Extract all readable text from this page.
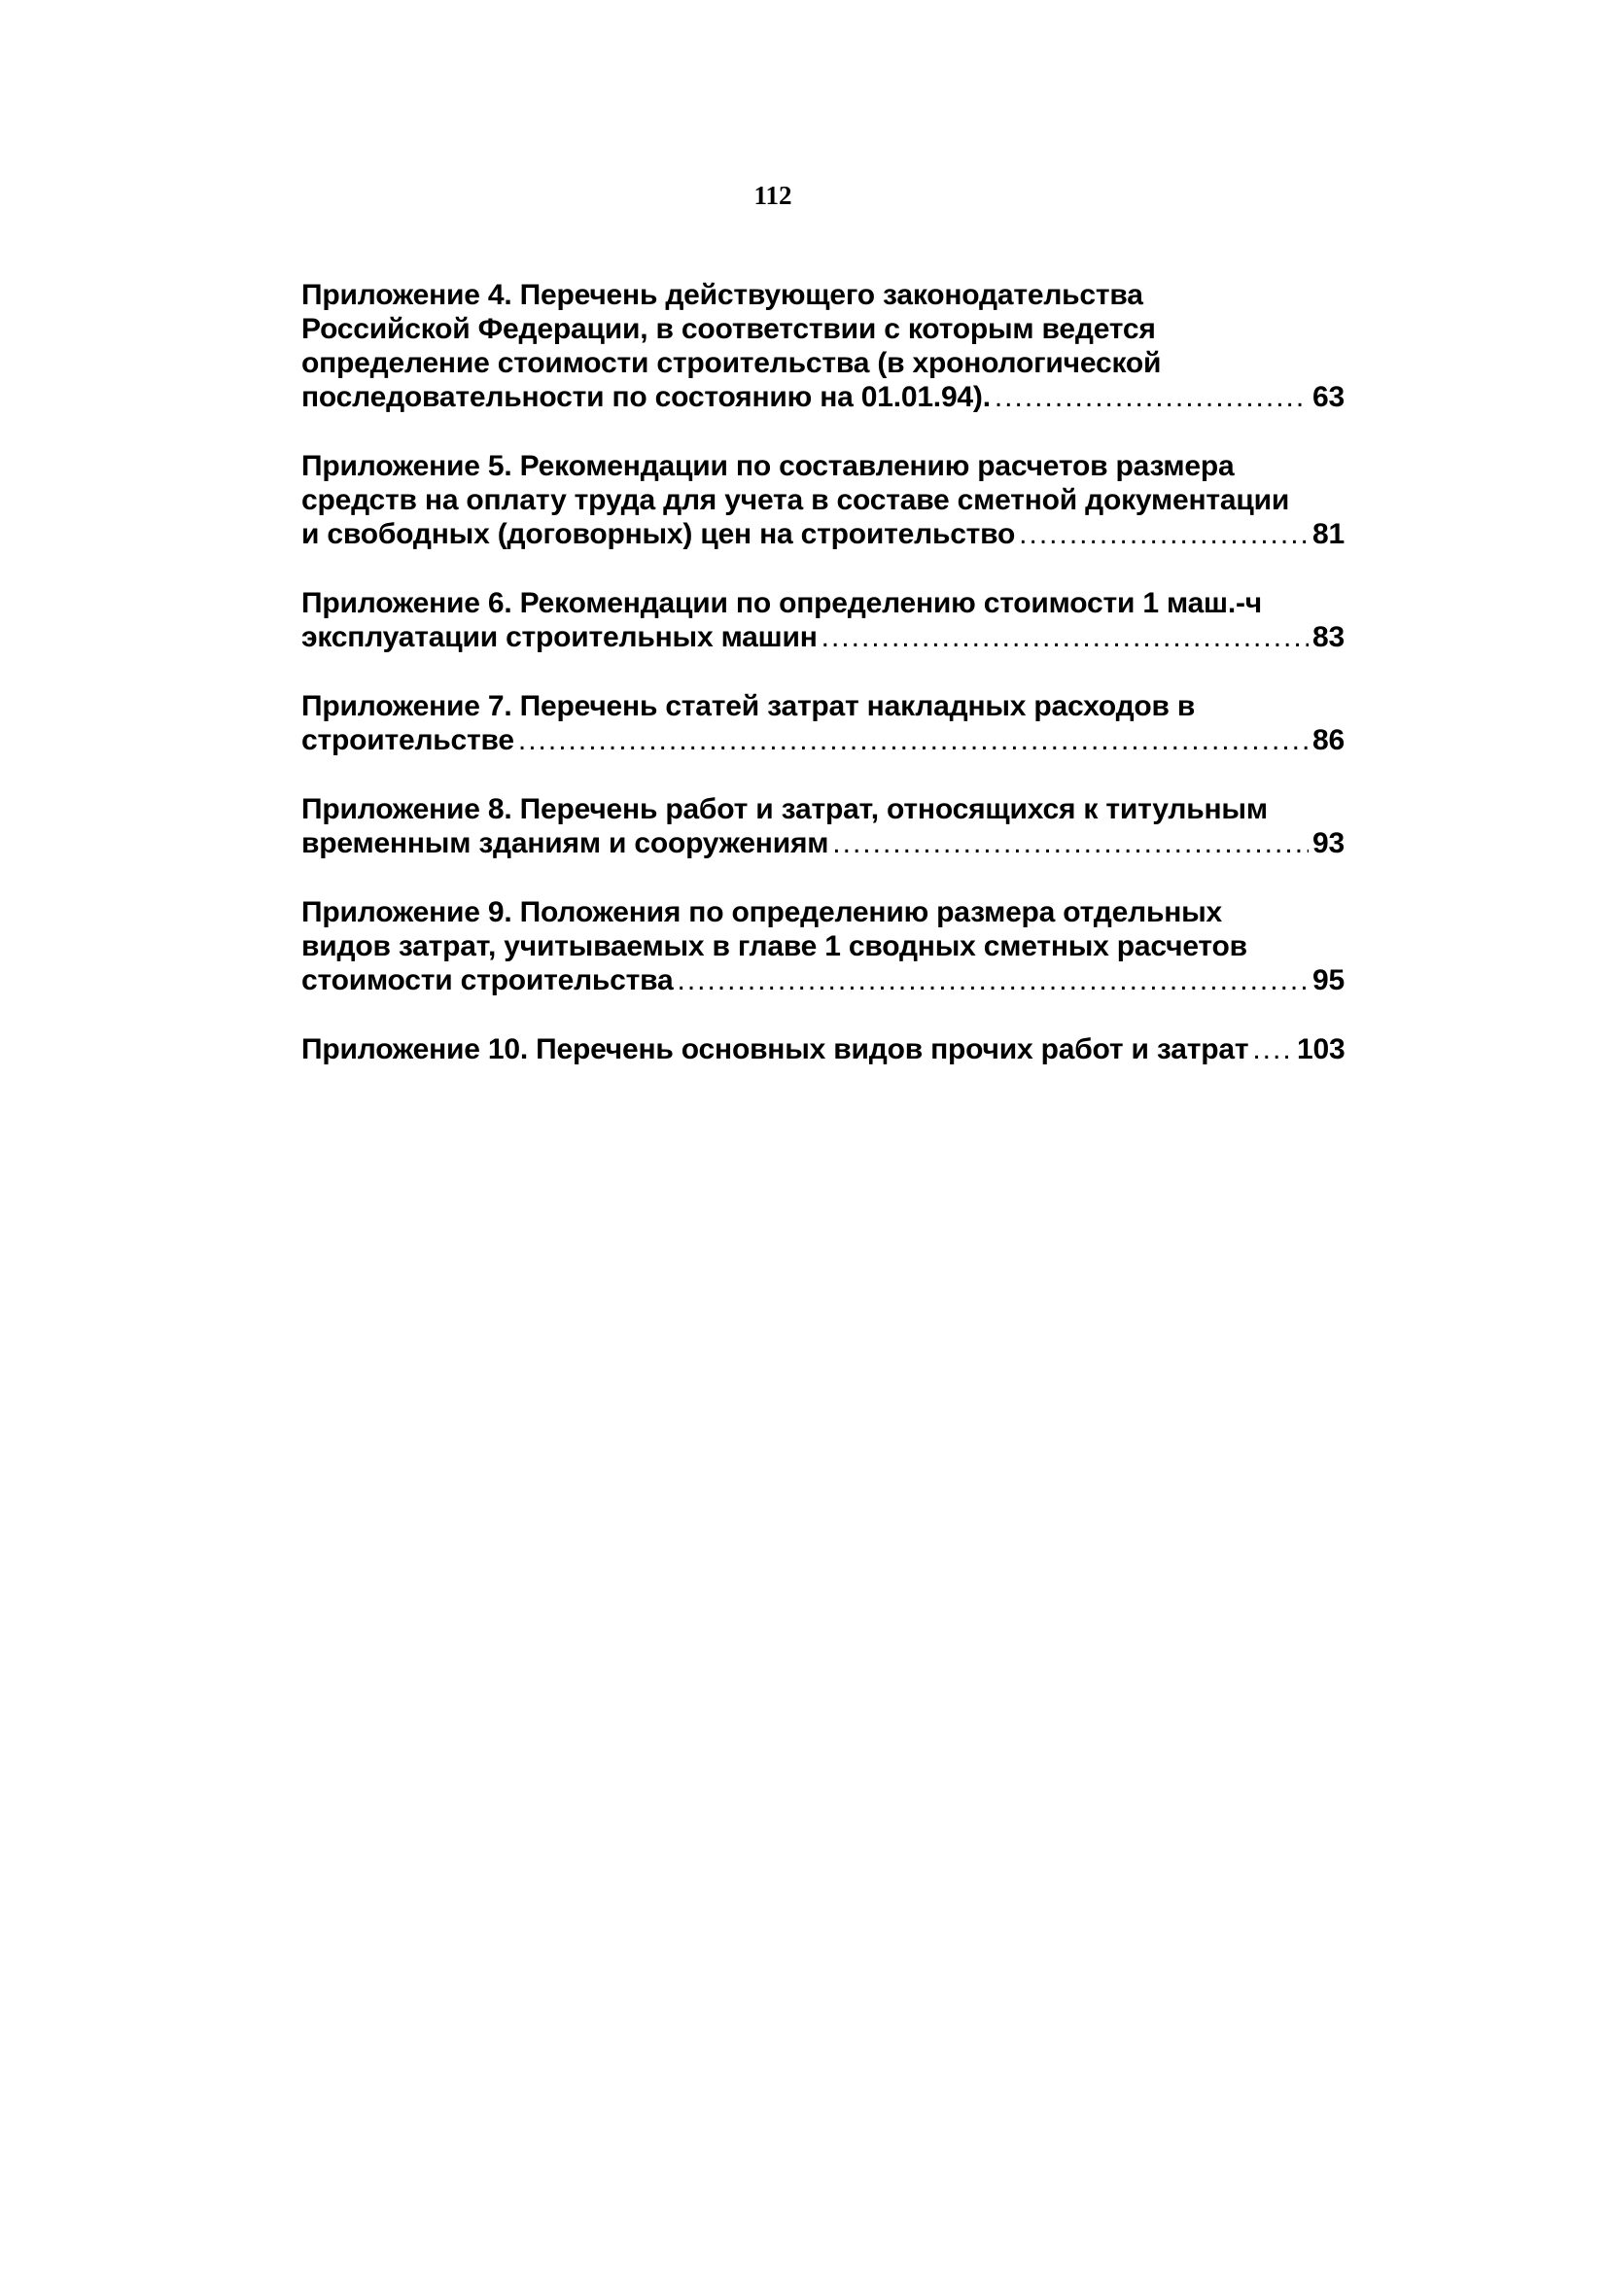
112
Приложение 4. Перечень действующего законодательства
Российской Федерации, в соответствии с которым ведется
определение стоимости строительства (в хронологической
последовательности по состоянию на 01.01.94). .....	63
Приложение 5. Рекомендации по составлению расчетов размера
средств на оплату труда для учета в составе сметной документации
и свободных (договорных) цен на строительство .....	81
Приложение 6. Рекомендации по определению стоимости 1 маш.-ч
эксплуатации строительных машин .....	83
Приложение 7. Перечень статей затрат накладных расходов в
строительстве .....	86
Приложение 8. Перечень работ и затрат, относящихся к титульным
временным зданиям и сооружениям .....	93
Приложение 9. Положения по определению размера отдельных
видов затрат, учитываемых в главе 1 сводных сметных расчетов
стоимости строительства .....	95
Приложение 10. Перечень основных видов прочих работ и затрат ..... 103
